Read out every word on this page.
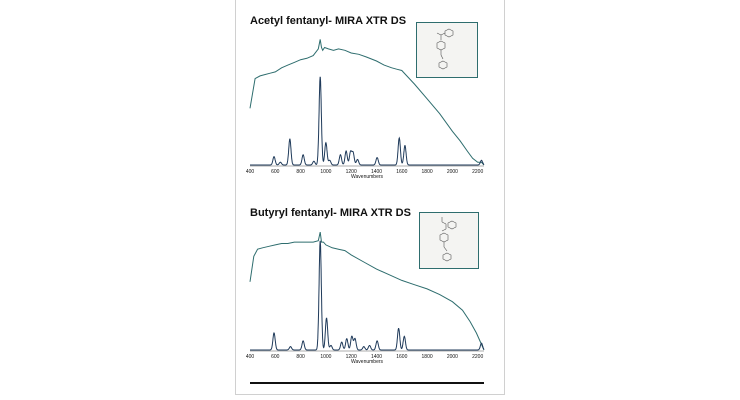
Acetyl fentanyl- MIRA XTR DS
400	600	800	1000	1200	1400	1600	1800	2000	2200
Wavenumbers
Butyryl fentanyl- MIRA XTR DS
400	600	800	1000	1200	1400	1600	1800	2000	2200
Wavenumbers
